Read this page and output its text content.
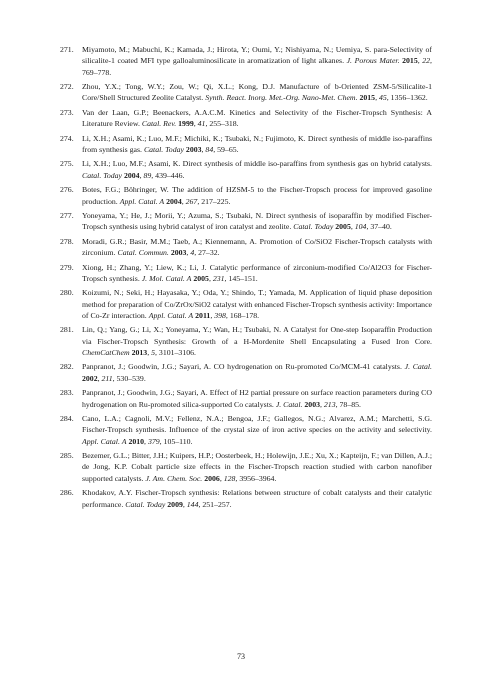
271. Miyamoto, M.; Mabuchi, K.; Kamada, J.; Hirota, Y.; Oumi, Y.; Nishiyama, N.; Uemiya, S. para-Selectivity of silicalite-1 coated MFI type galloaluminosilicate in aromatization of light alkanes. J. Porous Mater. 2015, 22, 769–778.
272. Zhou, Y.X.; Tong, W.Y.; Zou, W.; Qi, X.L.; Kong, D.J. Manufacture of b-Oriented ZSM-5/Silicalite-1 Core/Shell Structured Zeolite Catalyst. Synth. React. Inorg. Met.-Org. Nano-Met. Chem. 2015, 45, 1356–1362.
273. Van der Laan, G.P.; Beenackers, A.A.C.M. Kinetics and Selectivity of the Fischer-Tropsch Synthesis: A Literature Review. Catal. Rev. 1999, 41, 255–318.
274. Li, X.H.; Asami, K.; Luo, M.F.; Michiki, K.; Tsubaki, N.; Fujimoto, K. Direct synthesis of middle iso-paraffins from synthesis gas. Catal. Today 2003, 84, 59–65.
275. Li, X.H.; Luo, M.F.; Asami, K. Direct synthesis of middle iso-paraffins from synthesis gas on hybrid catalysts. Catal. Today 2004, 89, 439–446.
276. Botes, F.G.; Böhringer, W. The addition of HZSM-5 to the Fischer-Tropsch process for improved gasoline production. Appl. Catal. A 2004, 267, 217–225.
277. Yoneyama, Y.; He, J.; Morii, Y.; Azuma, S.; Tsubaki, N. Direct synthesis of isoparaffin by modified Fischer-Tropsch synthesis using hybrid catalyst of iron catalyst and zeolite. Catal. Today 2005, 104, 37–40.
278. Moradi, G.R.; Basir, M.M.; Taeb, A.; Kiennemann, A. Promotion of Co/SiO2 Fischer-Tropsch catalysts with zirconium. Catal. Commun. 2003, 4, 27–32.
279. Xiong, H.; Zhang, Y.; Liew, K.; Li, J. Catalytic performance of zirconium-modified Co/Al2O3 for Fischer-Tropsch synthesis. J. Mol. Catal. A 2005, 231, 145–151.
280. Koizumi, N.; Seki, H.; Hayasaka, Y.; Oda, Y.; Shindo, T.; Yamada, M. Application of liquid phase deposition method for preparation of Co/ZrOx/SiO2 catalyst with enhanced Fischer-Tropsch synthesis activity: Importance of Co-Zr interaction. Appl. Catal. A 2011, 398, 168–178.
281. Lin, Q.; Yang, G.; Li, X.; Yoneyama, Y.; Wan, H.; Tsubaki, N. A Catalyst for One-step Isoparaffin Production via Fischer-Tropsch Synthesis: Growth of a H-Mordenite Shell Encapsulating a Fused Iron Core. ChemCatChem 2013, 5, 3101–3106.
282. Panpranot, J.; Goodwin, J.G.; Sayari, A. CO hydrogenation on Ru-promoted Co/MCM-41 catalysts. J. Catal. 2002, 211, 530–539.
283. Panpranot, J.; Goodwin, J.G.; Sayari, A. Effect of H2 partial pressure on surface reaction parameters during CO hydrogenation on Ru-promoted silica-supported Co catalysts. J. Catal. 2003, 213, 78–85.
284. Cano, L.A.; Cagnoli, M.V.; Fellenz, N.A.; Bengoa, J.F.; Gallegos, N.G.; Alvarez, A.M.; Marchetti, S.G. Fischer-Tropsch synthesis. Influence of the crystal size of iron active species on the activity and selectivity. Appl. Catal. A 2010, 379, 105–110.
285. Bezemer, G.L.; Bitter, J.H.; Kuipers, H.P.; Oosterbeek, H.; Holewijn, J.E.; Xu, X.; Kapteijn, F.; van Dillen, A.J.; de Jong, K.P. Cobalt particle size effects in the Fischer-Tropsch reaction studied with carbon nanofiber supported catalysts. J. Am. Chem. Soc. 2006, 128, 3956–3964.
286. Khodakov, A.Y. Fischer-Tropsch synthesis: Relations between structure of cobalt catalysts and their catalytic performance. Catal. Today 2009, 144, 251–257.
73
